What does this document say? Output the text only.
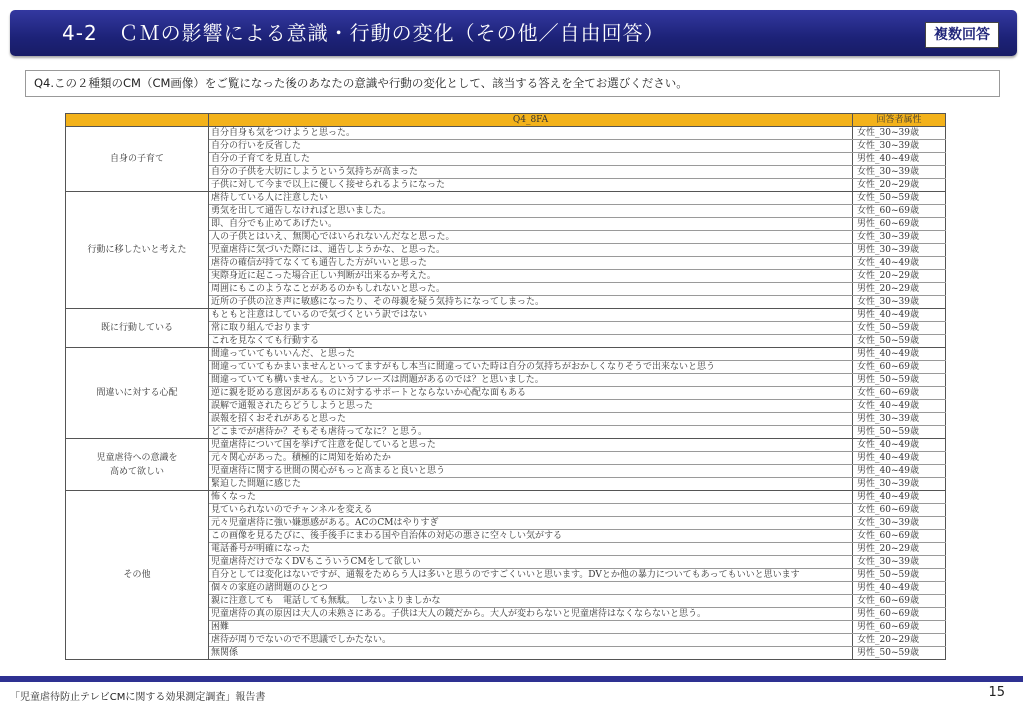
4-2　ＣＭの影響による意識・行動の変化（その他／自由回答）	複数回答
Q4.この２種類のCM（CM画像）をご覧になった後のあなたの意識や行動の変化として、該当する答えを全てお選びください。
	Q4_8FA	回答者属性
自身の子育て	自分自身も気をつけようと思った。	女性_30~39歳
	自分の行いを反省した	女性_30~39歳
	自分の子育てを見直した	男性_40~49歳
	自分の子供を大切にしようという気持ちが高まった	女性_30~39歳
	子供に対して今まで以上に優しく接せられるようになった	女性_20~29歳
行動に移したいと考えた	虐待している人に注意したい	女性_50~59歳
	勇気を出して通告しなければと思いました。	女性_60~69歳
	即、自分でも止めてあげたい。	男性_60~69歳
	人の子供とはいえ、無関心ではいられないんだなと思った。	女性_30~39歳
	児童虐待に気づいた際には、通告しようかな、と思った。	男性_30~39歳
	虐待の確信が持てなくても通告した方がいいと思った	女性_40~49歳
	実際身近に起こった場合正しい判断が出来るか考えた。	女性_20~29歳
	周囲にもこのようなことがあるのかもしれないと思った。	男性_20~29歳
	近所の子供の泣き声に敏感になったり、その母親を疑う気持ちになってしまった。	女性_30~39歳
既に行動している	もともと注意はしているので気づくという訳ではない	男性_40~49歳
	常に取り組んでおります	女性_50~59歳
	これを見なくても行動する	女性_50~59歳
間違いに対する心配	間違っていてもいいんだ、と思った	男性_40~49歳
	間違っていてもかまいませんといってますがもし本当に間違っていた時は自分の気持ちがおかしくなりそうで出来ないと思う	女性_60~69歳
	間違っていても構いません。というフレーズは問題があるのでは？と思いました。	男性_50~59歳
	逆に親を貶める意図があるものに対するサポートとならないか心配な面もある	女性_60~69歳
	誤解で通報されたらどうしようと思った	女性_40~49歳
	誤報を招くおそれがあると思った	男性_30~39歳
	どこまでが虐待か？そもそも虐待ってなに？と思う。	男性_50~59歳
児童虐待への意識を
高めて欲しい	児童虐待について国を挙げて注意を促していると思った	女性_40~49歳
	元々関心があった。積極的に周知を始めたか	男性_40~49歳
	児童虐待に関する世間の関心がもっと高まると良いと思う	男性_40~49歳
	緊迫した問題に感じた	男性_30~39歳
その他	怖くなった	男性_40~49歳
	見ていられないのでチャンネルを変える	女性_60~69歳
	元々児童虐待に強い嫌悪感がある。ACのCMはやりすぎ	女性_30~39歳
	この画像を見るたびに、後手後手にまわる国や自治体の対応の悪さに空々しい気がする	女性_60~69歳
	電話番号が明確になった	男性_20~29歳
	児童虐待だけでなくDVもこういうCMをして欲しい	女性_30~39歳
	自分としては変化はないですが、通報をためらう人は多いと思うのですごくいいと思います。DVとか他の暴力についてもあってもいいと思います	男性_50~59歳
	個々の家庭の諸問題のひとつ	男性_40~49歳
	親に注意しても　電話しても無駄。　しないよりましかな	女性_60~69歳
	児童虐待の真の原因は大人の未熟さにある。子供は大人の鏡だから。大人が変わらないと児童虐待はなくならないと思う。	男性_60~69歳
	困難	男性_60~69歳
	虐待が周りでないので不思議でしかたない。	女性_20~29歳
	無関係	男性_50~59歳
「児童虐待防止テレビCMに関する効果測定調査」報告書	15
